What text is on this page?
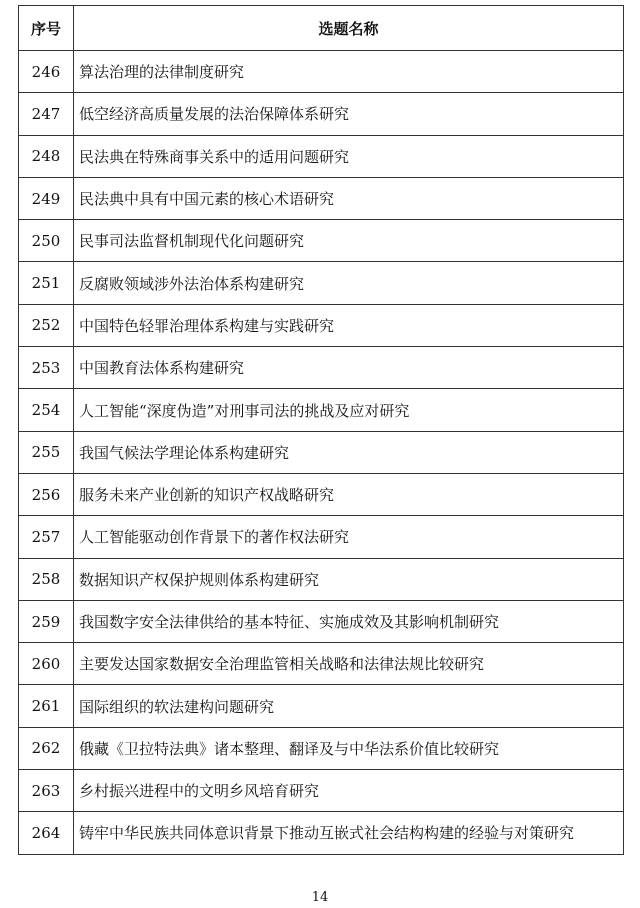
序号	选题名称
246	算法治理的法律制度研究
247	低空经济高质量发展的法治保障体系研究
248	民法典在特殊商事关系中的适用问题研究
249	民法典中具有中国元素的核心术语研究
250	民事司法监督机制现代化问题研究
251	反腐败领域涉外法治体系构建研究
252	中国特色轻罪治理体系构建与实践研究
253	中国教育法体系构建研究
254	人工智能“深度伪造”对刑事司法的挑战及应对研究
255	我国气候法学理论体系构建研究
256	服务未来产业创新的知识产权战略研究
257	人工智能驱动创作背景下的著作权法研究
258	数据知识产权保护规则体系构建研究
259	我国数字安全法律供给的基本特征、实施成效及其影响机制研究
260	主要发达国家数据安全治理监管相关战略和法律法规比较研究
261	国际组织的软法建构问题研究
262	俄藏《卫拉特法典》诸本整理、翻译及与中华法系价值比较研究
263	乡村振兴进程中的文明乡风培育研究
264	铸牢中华民族共同体意识背景下推动互嵌式社会结构构建的经验与对策研究
14
